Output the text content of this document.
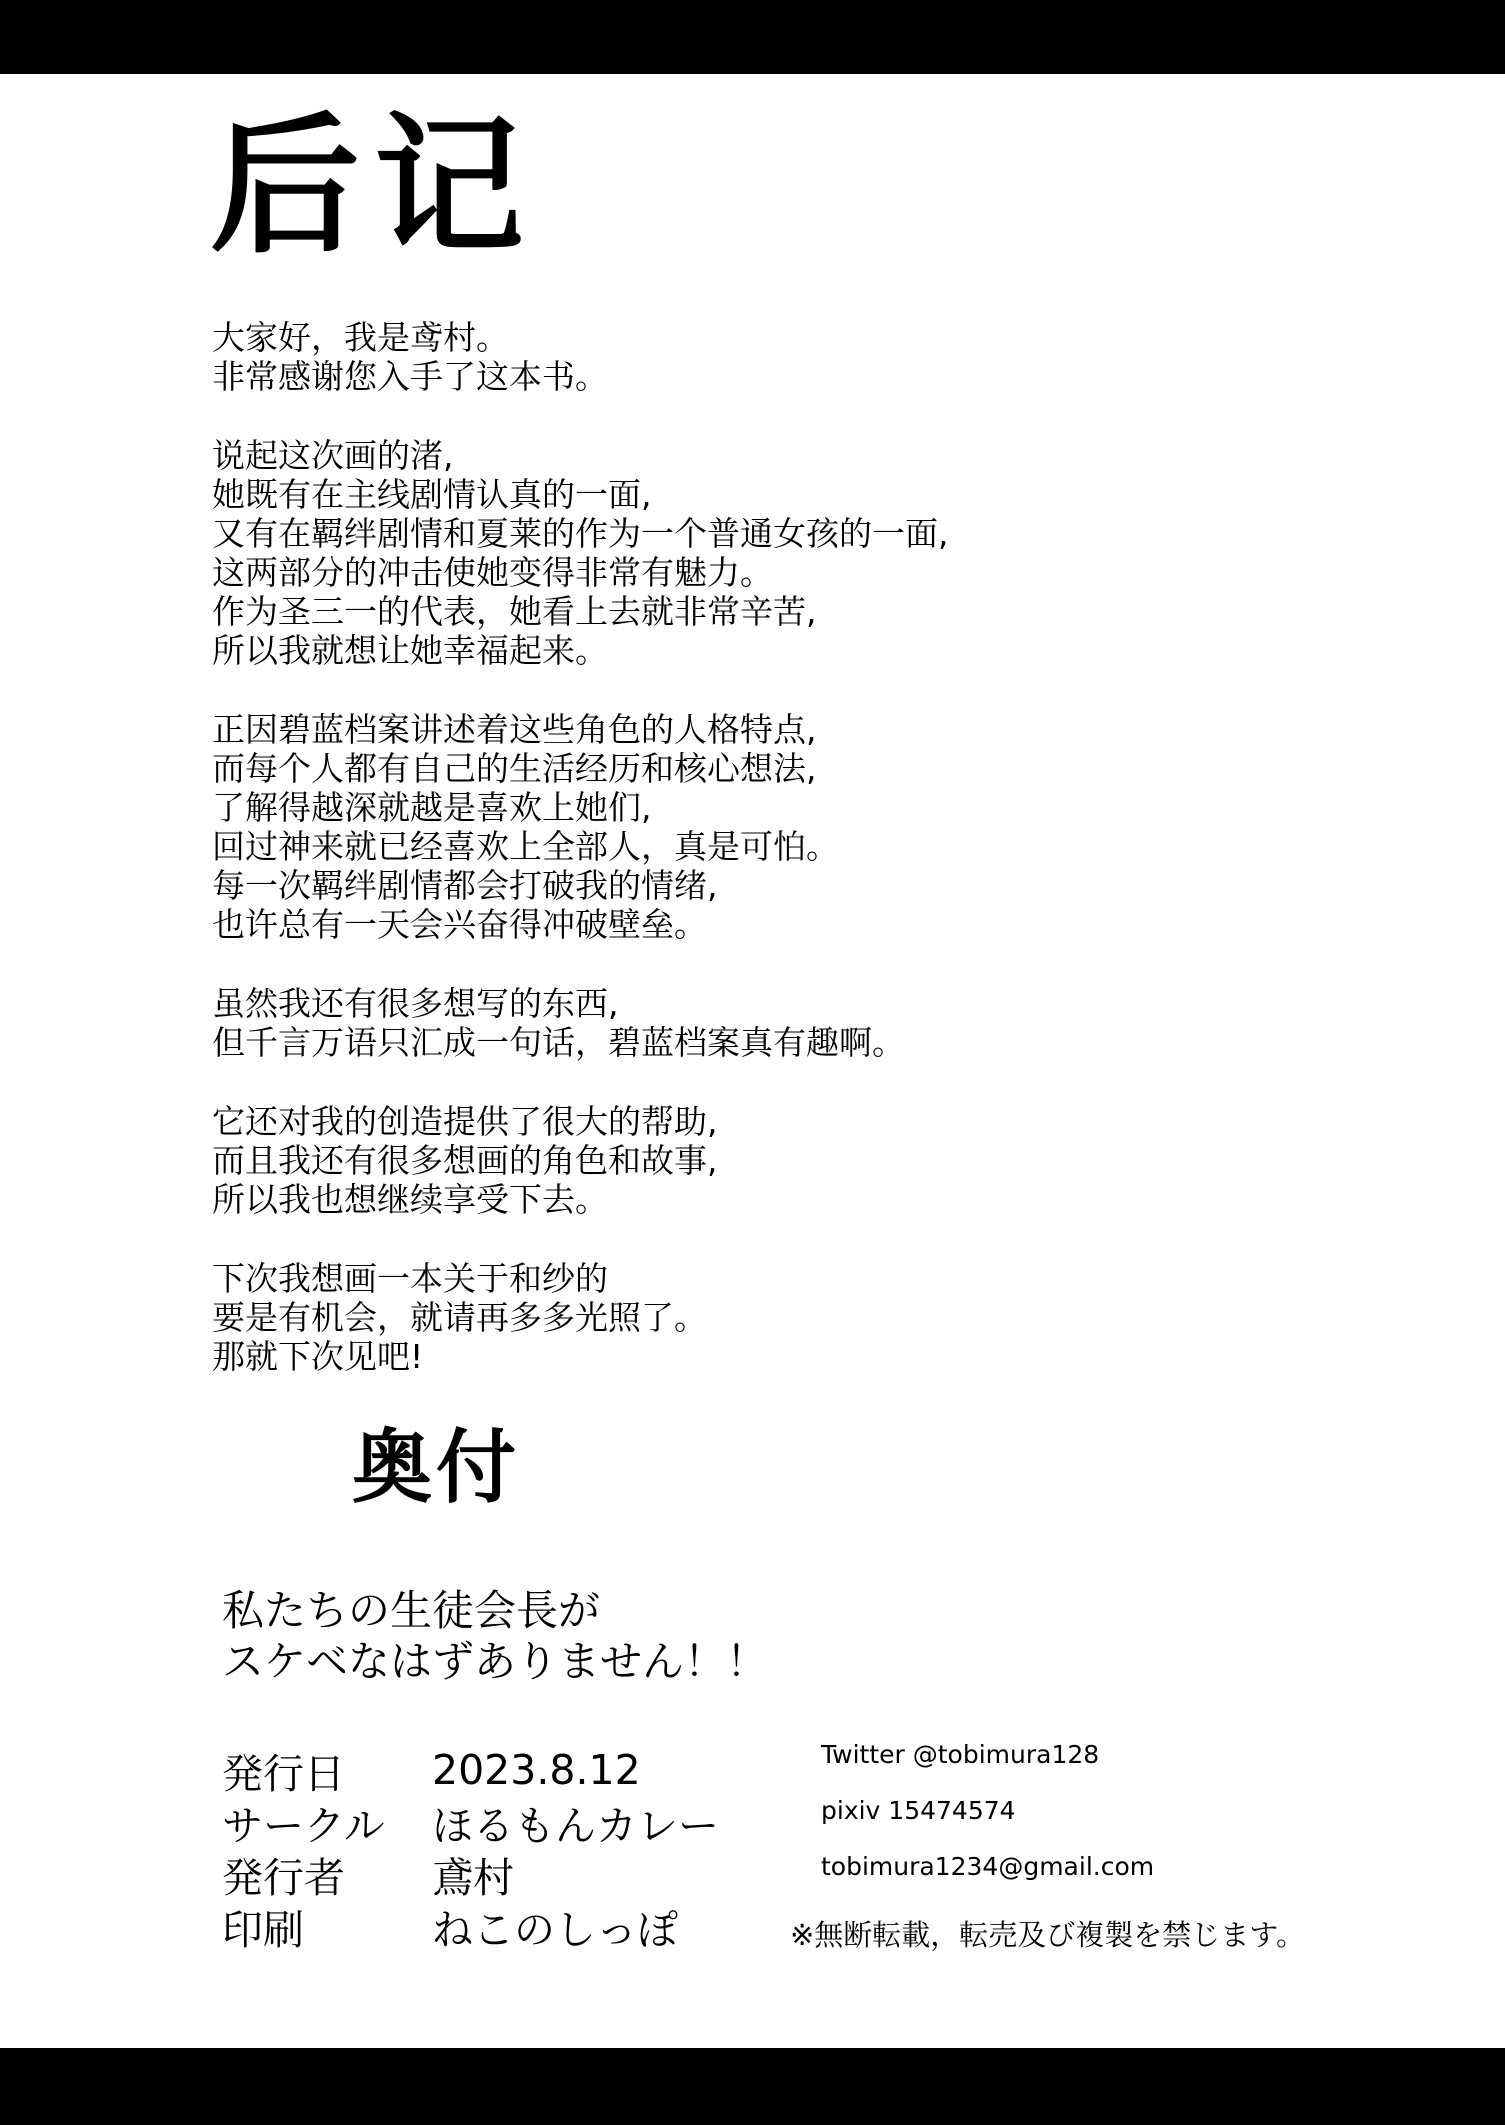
后记
大家好，我是鸢村。
非常感谢您入手了这本书。
说起这次画的渚,
她既有在主线剧情认真的一面,
又有在羁绊剧情和夏莱的作为一个普通女孩的一面,
这两部分的冲击使她变得非常有魅力。
作为圣三一的代表，她看上去就非常辛苦,
所以我就想让她幸福起来。
正因碧蓝档案讲述着这些角色的人格特点,
而每个人都有自己的生活经历和核心想法,
了解得越深就越是喜欢上她们,
回过神来就已经喜欢上全部人，真是可怕。
每一次羁绊剧情都会打破我的情绪,
也许总有一天会兴奋得冲破壁垒。
虽然我还有很多想写的东西,
但千言万语只汇成一句话，碧蓝档案真有趣啊。
它还对我的创造提供了很大的帮助,
而且我还有很多想画的角色和故事,
所以我也想继续享受下去。
下次我想画一本关于和纱的
要是有机会，就请再多多光照了。
那就下次见吧!
奥付
私たちの生徒会長が
スケベなはずありません！！
発行日	2023.8.12
サークル	ほるもんカレー
発行者	鳶村
印刷	ねこのしっぽ
Twitter @tobimura128
pixiv 15474574
tobimura1234@gmail.com
※無断転載，転売及び複製を禁じます。
